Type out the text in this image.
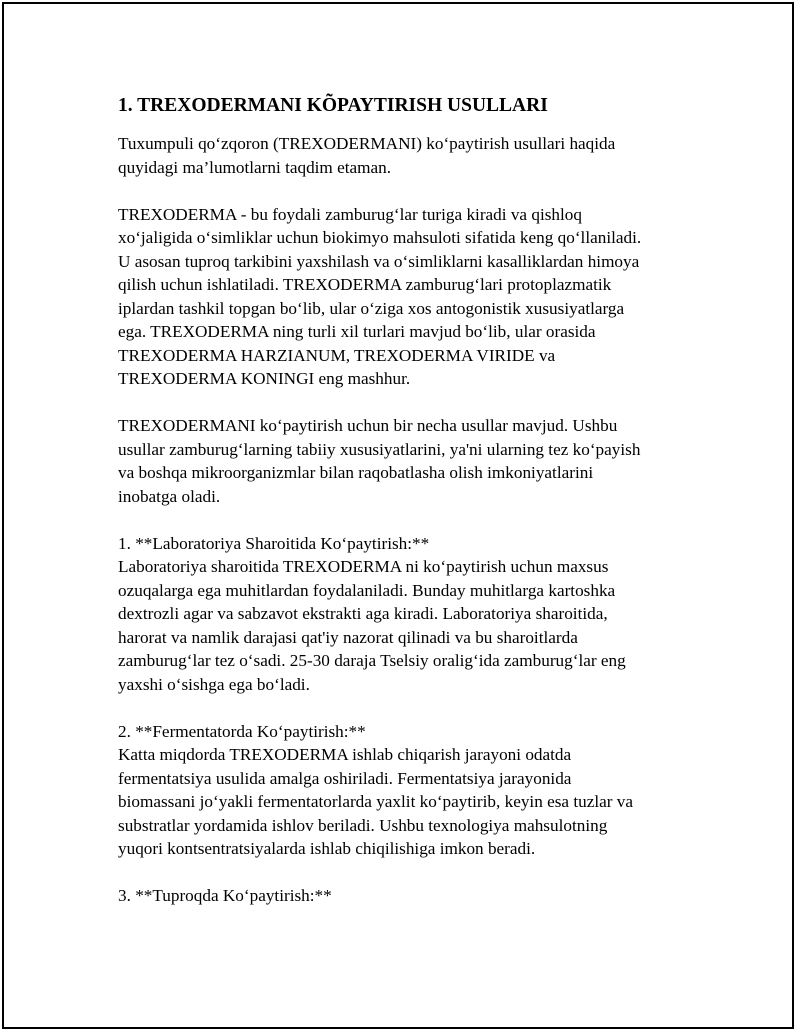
1. TREXODERMANI KÕPAYTIRISH USULLARI

Tuxumpuli qo‘zqoron (TREXODERMANI) ko‘paytirish usullari haqida
quyidagi ma’lumotlarni taqdim etaman.

TREXODERMA - bu foydali zamburug‘lar turiga kiradi va qishloq
xo‘jaligida o‘simliklar uchun biokimyo mahsuloti sifatida keng qo‘llaniladi.
U asosan tuproq tarkibini yaxshilash va o‘simliklarni kasalliklardan himoya
qilish uchun ishlatiladi. TREXODERMA zamburug‘lari protoplazmatik
iplardan tashkil topgan bo‘lib, ular o‘ziga xos antogonistik xususiyatlarga
ega. TREXODERMA ning turli xil turlari mavjud bo‘lib, ular orasida
TREXODERMA HARZIANUM, TREXODERMA VIRIDE va
TREXODERMA KONINGI eng mashhur.

TREXODERMANI ko‘paytirish uchun bir necha usullar mavjud. Ushbu
usullar zamburug‘larning tabiiy xususiyatlarini, ya'ni ularning tez ko‘payish
va boshqa mikroorganizmlar bilan raqobatlasha olish imkoniyatlarini
inobatga oladi.

1. **Laboratoriya Sharoitida Ko‘paytirish:**
Laboratoriya sharoitida TREXODERMA ni ko‘paytirish uchun maxsus
ozuqalarga ega muhitlardan foydalaniladi. Bunday muhitlarga kartoshka
dextrozli agar va sabzavot ekstrakti aga kiradi. Laboratoriya sharoitida,
harorat va namlik darajasi qat'iy nazorat qilinadi va bu sharoitlarda
zamburug‘lar tez o‘sadi. 25-30 daraja Tselsiy oralig‘ida zamburug‘lar eng
yaxshi o‘sishga ega bo‘ladi.
2. **Fermentatorda Ko‘paytirish:**
Katta miqdorda TREXODERMA ishlab chiqarish jarayoni odatda
fermentatsiya usulida amalga oshiriladi. Fermentatsiya jarayonida
biomassani jo‘yakli fermentatorlarda yaxlit ko‘paytirib, keyin esa tuzlar va
substratlar yordamida ishlov beriladi. Ushbu texnologiya mahsulotning
yuqori kontsentratsiyalarda ishlab chiqilishiga imkon beradi.
3. **Tuproqda Ko‘paytirish:**
